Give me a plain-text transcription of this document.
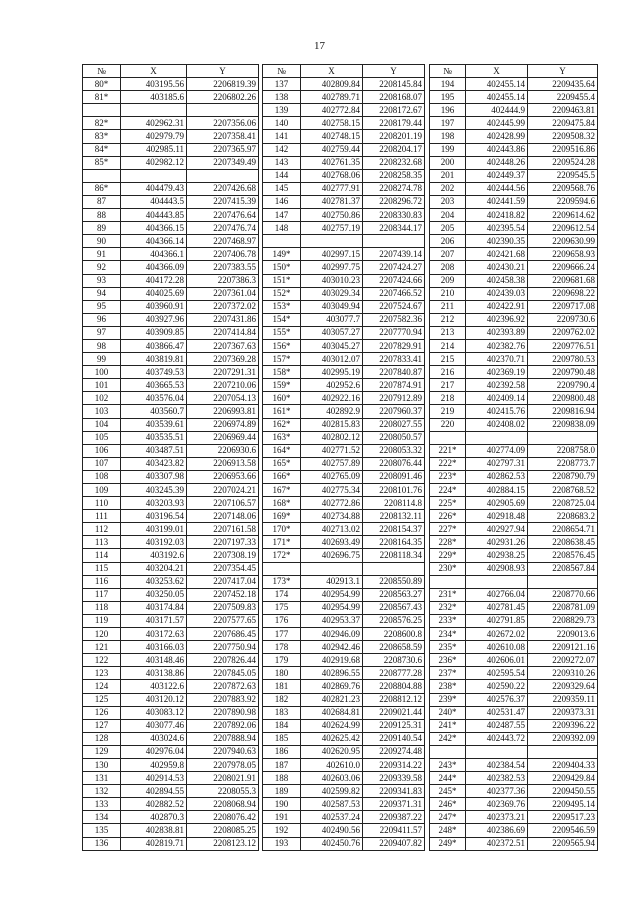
17
№	X	Y
80*	403195.56	2206819.39
81*	403185.6	2206802.26

82*	402962.31	2207356.06
83*	402979.79	2207358.41
84*	402985.11	2207365.97
85*	402982.12	2207349.49

86*	404479.43	2207426.68
87	404443.5	2207415.39
88	404443.85	2207476.64
89	404366.15	2207476.74
90	404366.14	2207468.97
91	404366.1	2207406.78
92	404366.09	2207383.55
93	404172.28	2207386.3
94	404025.69	2207361.04
95	403960.91	2207372.02
96	403927.96	2207431.86
97	403909.85	2207414.84
98	403866.47	2207367.63
99	403819.81	2207369.28
100	403749.53	2207291.31
101	403665.53	2207210.06
102	403576.04	2207054.13
103	403560.7	2206993.81
104	403539.61	2206974.89
105	403535.51	2206969.44
106	403487.51	2206930.6
107	403423.82	2206913.58
108	403307.98	2206953.66
109	403245.39	2207024.21
110	403203.93	2207106.57
111	403196.54	2207148.06
112	403199.01	2207161.58
113	403192.03	2207197.33
114	403192.6	2207308.19
115	403204.21	2207354.45
116	403253.62	2207417.04
117	403250.05	2207452.18
118	403174.84	2207509.83
119	403171.57	2207577.65
120	403172.63	2207686.45
121	403166.03	2207750.94
122	403148.46	2207826.44
123	403138.86	2207845.05
124	403122.6	2207872.63
125	403120.12	2207883.92
126	403083.12	2207890.98
127	403077.46	2207892.06
128	403024.6	2207888.94
129	402976.04	2207940.63
130	402959.8	2207978.05
131	402914.53	2208021.91
132	402894.55	2208055.3
133	402882.52	2208068.94
134	402870.3	2208076.42
135	402838.81	2208085.25
136	402819.71	2208123.12
№	X	Y
137	402809.84	2208145.84
138	402789.71	2208168.07
139	402772.84	2208172.67
140	402758.15	2208179.44
141	402748.15	2208201.19
142	402759.44	2208204.17
143	402761.35	2208232.68
144	402768.06	2208258.35
145	402777.91	2208274.78
146	402781.37	2208296.72
147	402750.86	2208330.83
148	402757.19	2208344.17

149*	402997.15	2207439.14
150*	402997.75	2207424.27
151*	403010.23	2207424.66
152*	403029.34	2207466.52
153*	403049.94	2207524.67
154*	403077.7	2207582.36
155*	403057.27	2207770.94
156*	403045.27	2207829.91
157*	403012.07	2207833.41
158*	402995.19	2207840.87
159*	402952.6	2207874.91
160*	402922.16	2207912.89
161*	402892.9	2207960.37
162*	402815.83	2208027.55
163*	402802.12	2208050.57
164*	402771.52	2208053.32
165*	402757.89	2208076.44
166*	402765.09	2208091.46
167*	402775.34	2208101.76
168*	402772.86	2208114.8
169*	402734.88	2208132.11
170*	402713.02	2208154.37
171*	402693.49	2208164.35
172*	402696.75	2208118.34

173*	402913.1	2208550.89
174	402954.99	2208563.27
175	402954.99	2208567.43
176	402953.37	2208576.25
177	402946.09	2208600.8
178	402942.46	2208658.59
179	402919.68	2208730.6
180	402896.55	2208777.28
181	402869.76	2208804.88
182	402821.23	2208812.12
183	402684.81	2209021.44
184	402624.99	2209125.31
185	402625.42	2209140.54
186	402620.95	2209274.48
187	402610.0	2209314.22
188	402603.06	2209339.58
189	402599.82	2209341.83
190	402587.53	2209371.31
191	402537.24	2209387.22
192	402490.56	2209411.57
193	402450.76	2209407.82
№	X	Y
194	402455.14	2209435.64
195	402455.14	2209455.4
196	402444.9	2209463.81
197	402445.99	2209475.84
198	402428.99	2209508.32
199	402443.86	2209516.86
200	402448.26	2209524.28
201	402449.37	2209545.5
202	402444.56	2209568.76
203	402441.59	2209594.6
204	402418.82	2209614.62
205	402395.54	2209612.54
206	402390.35	2209630.99
207	402421.68	2209658.93
208	402430.21	2209666.24
209	402458.38	2209681.68
210	402439.03	2209698.22
211	402422.91	2209717.08
212	402396.92	2209730.6
213	402393.89	2209762.02
214	402382.76	2209776.51
215	402370.71	2209780.53
216	402369.19	2209790.48
217	402392.58	2209790.4
218	402409.14	2209800.48
219	402415.76	2209816.94
220	402408.02	2209838.09

221*	402774.09	2208758.0
222*	402797.31	2208773.7
223*	402862.53	2208790.79
224*	402884.15	2208768.52
225*	402905.69	2208725.04
226*	402918.48	2208683.2
227*	402927.94	2208654.71
228*	402931.26	2208638.45
229*	402938.25	2208576.45
230*	402908.93	2208567.84

231*	402766.04	2208770.66
232*	402781.45	2208781.09
233*	402791.85	2208829.73
234*	402672.02	2209013.6
235*	402610.08	2209121.16
236*	402606.01	2209272.07
237*	402595.54	2209310.26
238*	402590.22	2209329.64
239*	402576.37	2209359.11
240*	402531.47	2209373.31
241*	402487.55	2209396.22
242*	402443.72	2209392.09

243*	402384.54	2209404.33
244*	402382.53	2209429.84
245*	402377.36	2209450.55
246*	402369.76	2209495.14
247*	402373.21	2209517.23
248*	402386.69	2209546.59
249*	402372.51	2209565.94
